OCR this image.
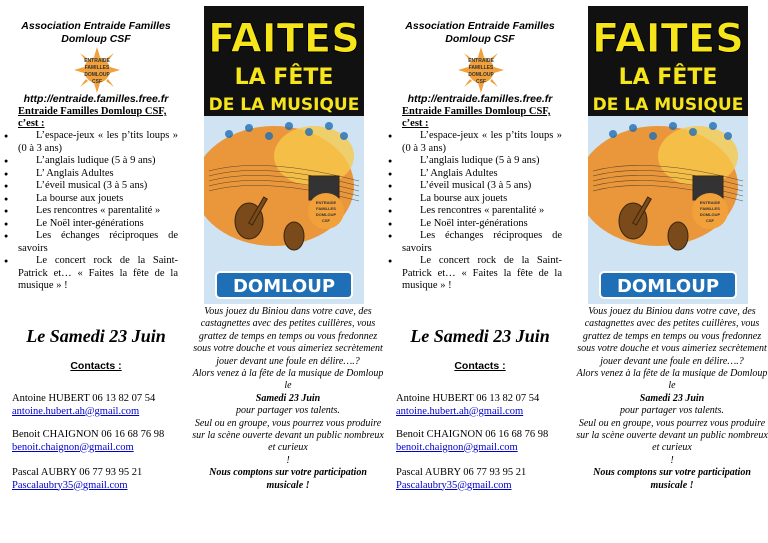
Association Entraide Familles
Domloup CSF
ENTRAIDE
FAMILLES
DOMLOUP
CSF
http://entraide.familles.free.fr
Entraide Familles Domloup CSF, c’est :
● L’espace-jeux « les p’tits loups » (0 à 3 ans)
● L’anglais ludique (5 à 9 ans)
● L’ Anglais Adultes
● L’éveil musical (3 à 5 ans)
● La bourse aux jouets
● Les rencontres « parentalité »
● Le Noël inter-générations
● Les échanges réciproques de savoirs
● Le concert rock de la Saint-Patrick et… « Faites la fête de la musique » !
Le Samedi 23 Juin
Contacts :
Antoine HUBERT 06 13 82 07 54
antoine.hubert.ah@gmail.com
Benoit CHAIGNON 06 16 68 76 98
benoit.chaignon@gmail.com
Pascal AUBRY 06 77 93 95 21
Pascalaubry35@gmail.com
ENTRAIDE
FAMILLES
DOMLOUP
CSF
DOMLOUP
FAITES
LA FÊTE
DE LA MUSIQUE
Vous jouez du Biniou dans votre cave, des castagnettes avec des petites cuillères, vous grattez de temps en temps ou vous fredonnez sous votre douche et vous aimeriez secrètement jouer devant une foule en délire….?
Alors venez à la fête de la musique de Domloup le
Samedi 23 Juin
pour partager vos talents.
Seul ou en groupe, vous pourrez vous produire sur la scène ouverte devant un public nombreux et curieux
!
Nous comptons sur votre participation musicale !
Association Entraide Familles
Domloup CSF
ENTRAIDE
FAMILLES
DOMLOUP
CSF
http://entraide.familles.free.fr
Entraide Familles Domloup CSF, c’est :
● L’espace-jeux « les p’tits loups » (0 à 3 ans)
● L’anglais ludique (5 à 9 ans)
● L’ Anglais Adultes
● L’éveil musical (3 à 5 ans)
● La bourse aux jouets
● Les rencontres « parentalité »
● Le Noël inter-générations
● Les échanges réciproques de savoirs
● Le concert rock de la Saint-Patrick et… « Faites la fête de la musique » !
Le Samedi 23 Juin
Contacts :
Antoine HUBERT 06 13 82 07 54
antoine.hubert.ah@gmail.com
Benoit CHAIGNON 06 16 68 76 98
benoit.chaignon@gmail.com
Pascal AUBRY 06 77 93 95 21
Pascalaubry35@gmail.com
ENTRAIDE
FAMILLES
DOMLOUP
CSF
DOMLOUP
FAITES
LA FÊTE
DE LA MUSIQUE
Vous jouez du Biniou dans votre cave, des castagnettes avec des petites cuillères, vous grattez de temps en temps ou vous fredonnez sous votre douche et vous aimeriez secrètement jouer devant une foule en délire….?
Alors venez à la fête de la musique de Domloup le
Samedi 23 Juin
pour partager vos talents.
Seul ou en groupe, vous pourrez vous produire sur la scène ouverte devant un public nombreux et curieux
!
Nous comptons sur votre participation musicale !
